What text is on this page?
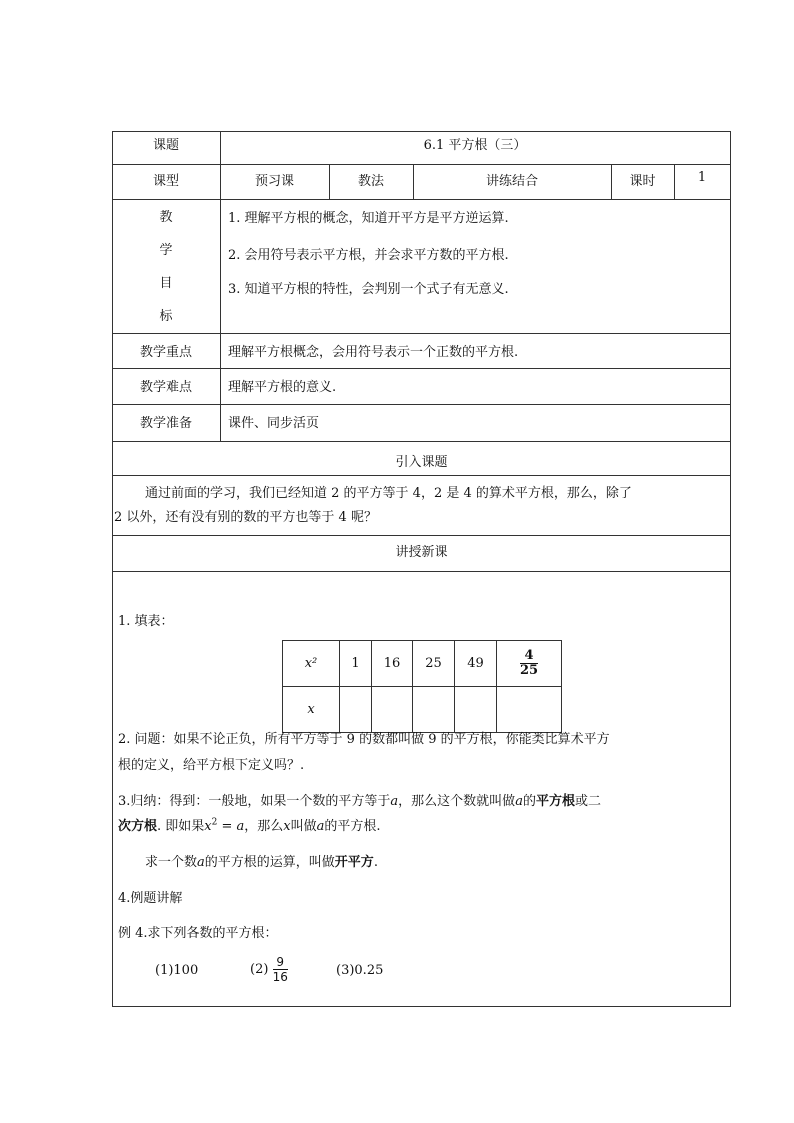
课题	6.1 平方根（三）
课型	预习课	教法	讲练结合	课时	1
教
学
目
标
1. 理解平方根的概念，知道开平方是平方逆运算.
2. 会用符号表示平方根，并会求平方数的平方根.
3. 知道平方根的特性，会判别一个式子有无意义.
教学重点	理解平方根概念，会用符号表示一个正数的平方根.
教学难点	理解平方根的意义.
教学准备	课件、同步活页
引入课题
通过前面的学习，我们已经知道 2 的平方等于 4，2 是 4 的算术平方根，那么，除了
2 以外，还有没有别的数的平方也等于 4 呢？
讲授新课
1. 填表：
x²	1	16	25	49	$\frac{4}{25}$

x					
2. 问题：如果不论正负，所有平方等于 9 的数都叫做 9 的平方根，你能类比算术平方
根的定义，给平方根下定义吗？.
3.归纳：得到：一般地，如果一个数的平方等于a，那么这个数就叫做a的平方根或二
次方根. 即如果$x^2 = a$，那么x叫做a的平方根.
求一个数a的平方根的运算，叫做开平方.
4.例题讲解
例 4.求下列各数的平方根：
(1)100	$(2) \frac{9}{16}$	(3)0.25
